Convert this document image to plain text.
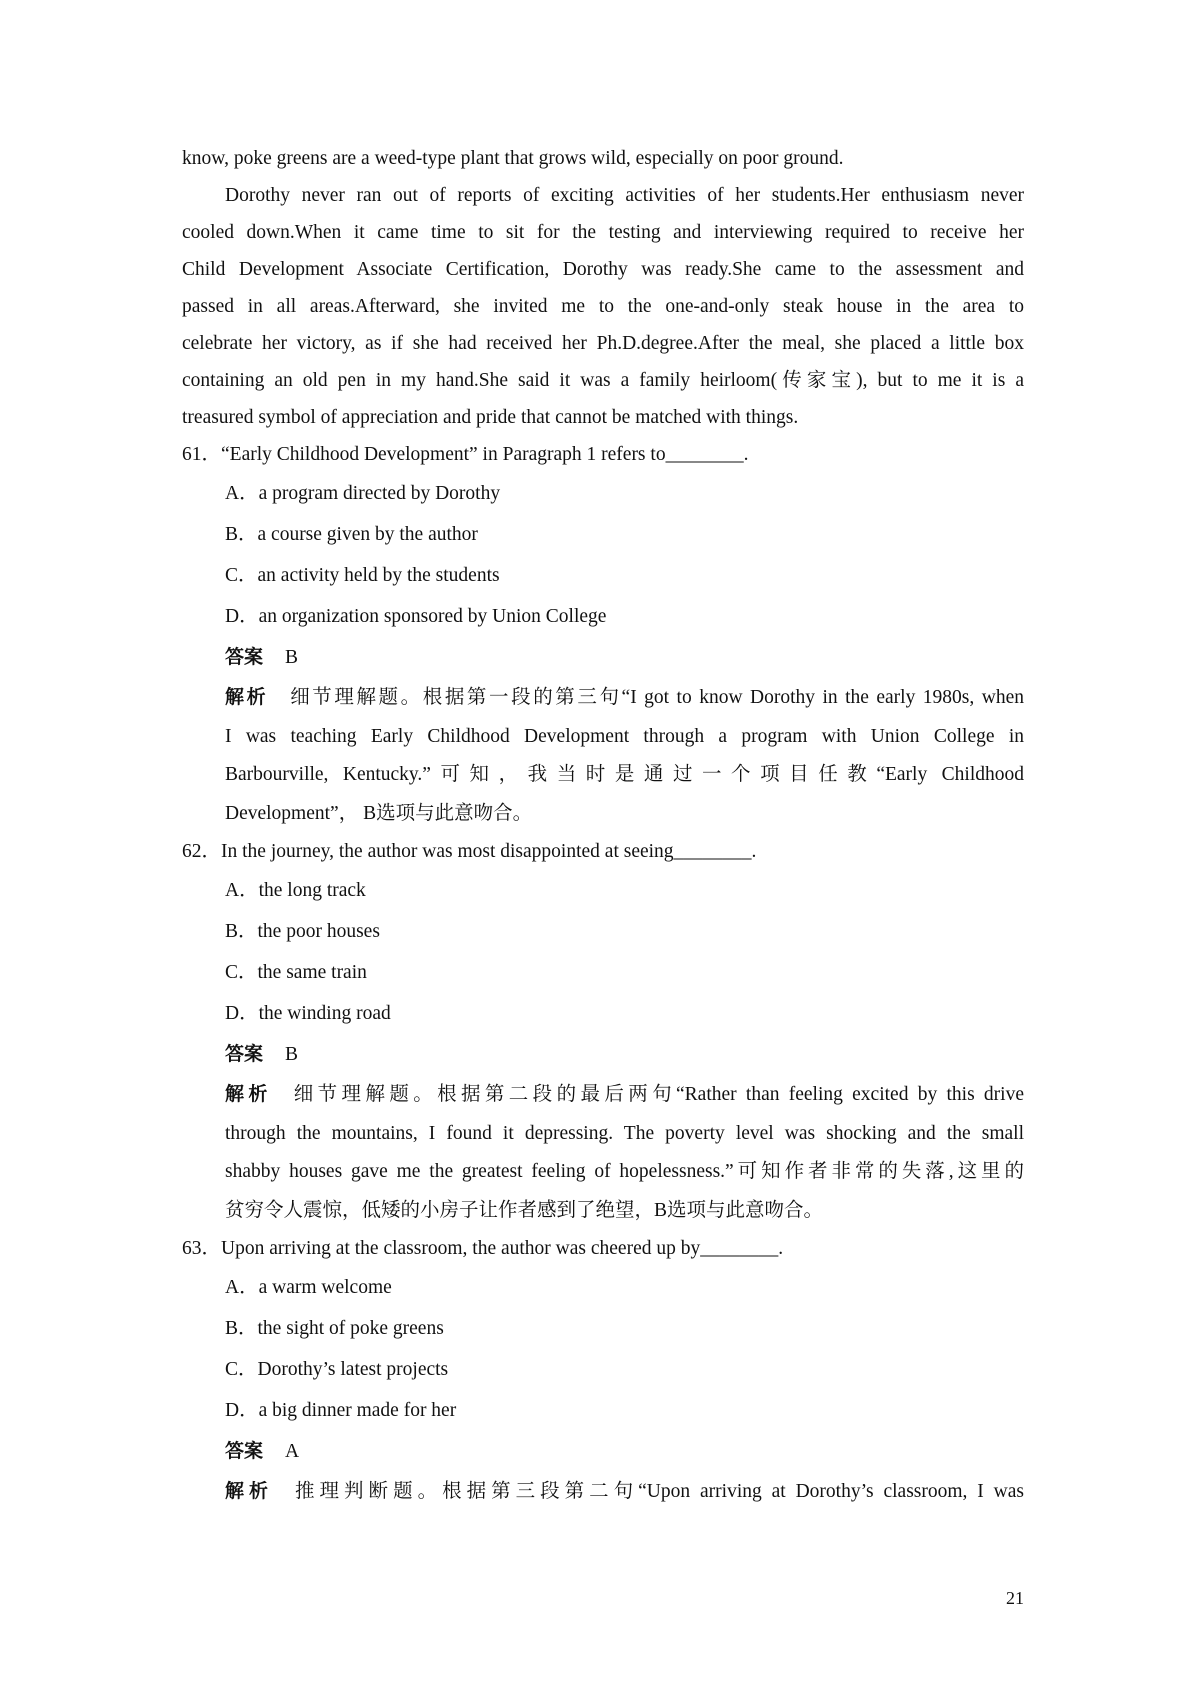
know, poke greens are a weed-type plant that grows wild, especially on poor ground.

Dorothy never ran out of reports of exciting activities of her students.Her enthusiasm never

cooled down.When it came time to sit for the testing and interviewing required to receive her

Child Development Associate Certification, Dorothy was ready.She came to the assessment and

passed in all areas.Afterward, she invited me to the one-and-only steak house in the area to

celebrate her victory, as if she had received her Ph.D.degree.After the meal, she placed a little box

containing an old pen in my hand.She said it was a family heirloom(传家宝), but to me it is a

treasured symbol of appreciation and pride that cannot be matched with things.

61．“Early Childhood Development” in Paragraph 1 refers to________.

A．a program directed by Dorothy
B．a course given by the author
C．an activity held by the students
D．an organization sponsored by Union College
答案 B

解析 细节理解题。根据第一段的第三句“I got to know Dorothy in the early 1980s, when

I was teaching Early Childhood Development through a program with Union College in

Barbourville, Kentucky.”可知，我当时是通过一个项目任教“Early Childhood

Development”， B选项与此意吻合。

62．In the journey, the author was most disappointed at seeing________.

A．the long track
B．the poor houses
C．the same train
D．the winding road
答案 B

解析 细节理解题。根据第二段的最后两句“Rather than feeling excited by this drive

through the mountains, I found it depressing. The poverty level was shocking and the small

shabby houses gave me the greatest feeling of hopelessness.”可知作者非常的失落,这里的

贫穷令人震惊，低矮的小房子让作者感到了绝望，B选项与此意吻合。

63．Upon arriving at the classroom, the author was cheered up by________.

A．a warm welcome
B．the sight of poke greens
C．Dorothy’s latest projects
D．a big dinner made for her
答案 A

解析 推理判断题。根据第三段第二句“Upon arriving at Dorothy’s classroom, I was

21
